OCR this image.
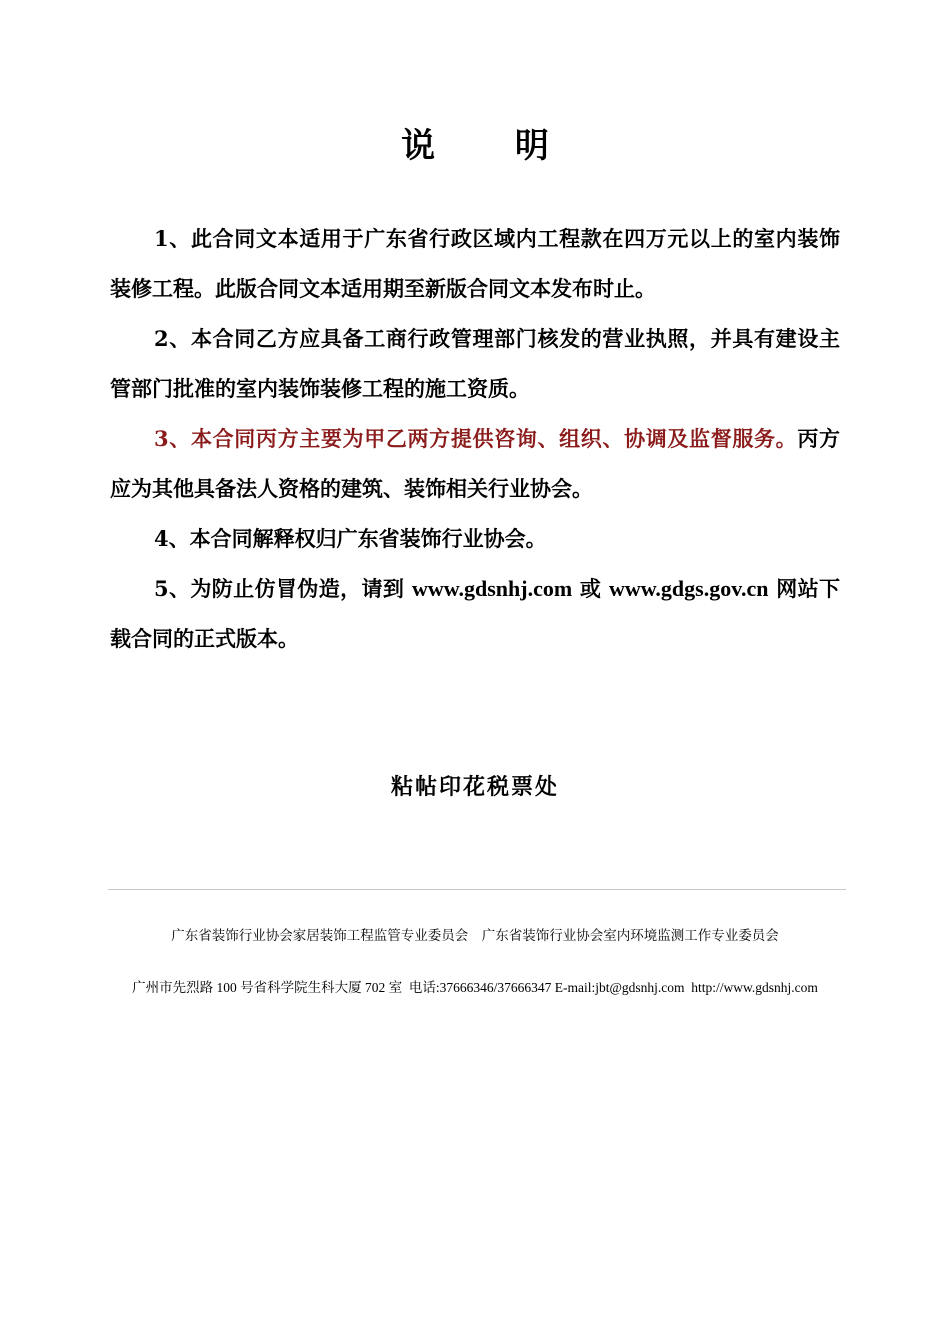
说 明

1、此合同文本适用于广东省行政区域内工程款在四万元以上的室内装饰装修工程。此版合同文本适用期至新版合同文本发布时止。

2、本合同乙方应具备工商行政管理部门核发的营业执照，并具有建设主管部门批准的室内装饰装修工程的施工资质。

3、本合同丙方主要为甲乙两方提供咨询、组织、协调及监督服务。丙方应为其他具备法人资格的建筑、装饰相关行业协会。

4、本合同解释权归广东省装饰行业协会。

5、为防止仿冒伪造，请到 www.gdsnhj.com 或 www.gdgs.gov.cn 网站下载合同的正式版本。

粘帖印花税票处
广东省装饰行业协会家居装饰工程监管专业委员会    广东省装饰行业协会室内环境监测工作专业委员会
广州市先烈路 100 号省科学院生科大厦 702 室  电话:37666346/37666347 E-mail:jbt@gdsnhj.com  http://www.gdsnhj.com
